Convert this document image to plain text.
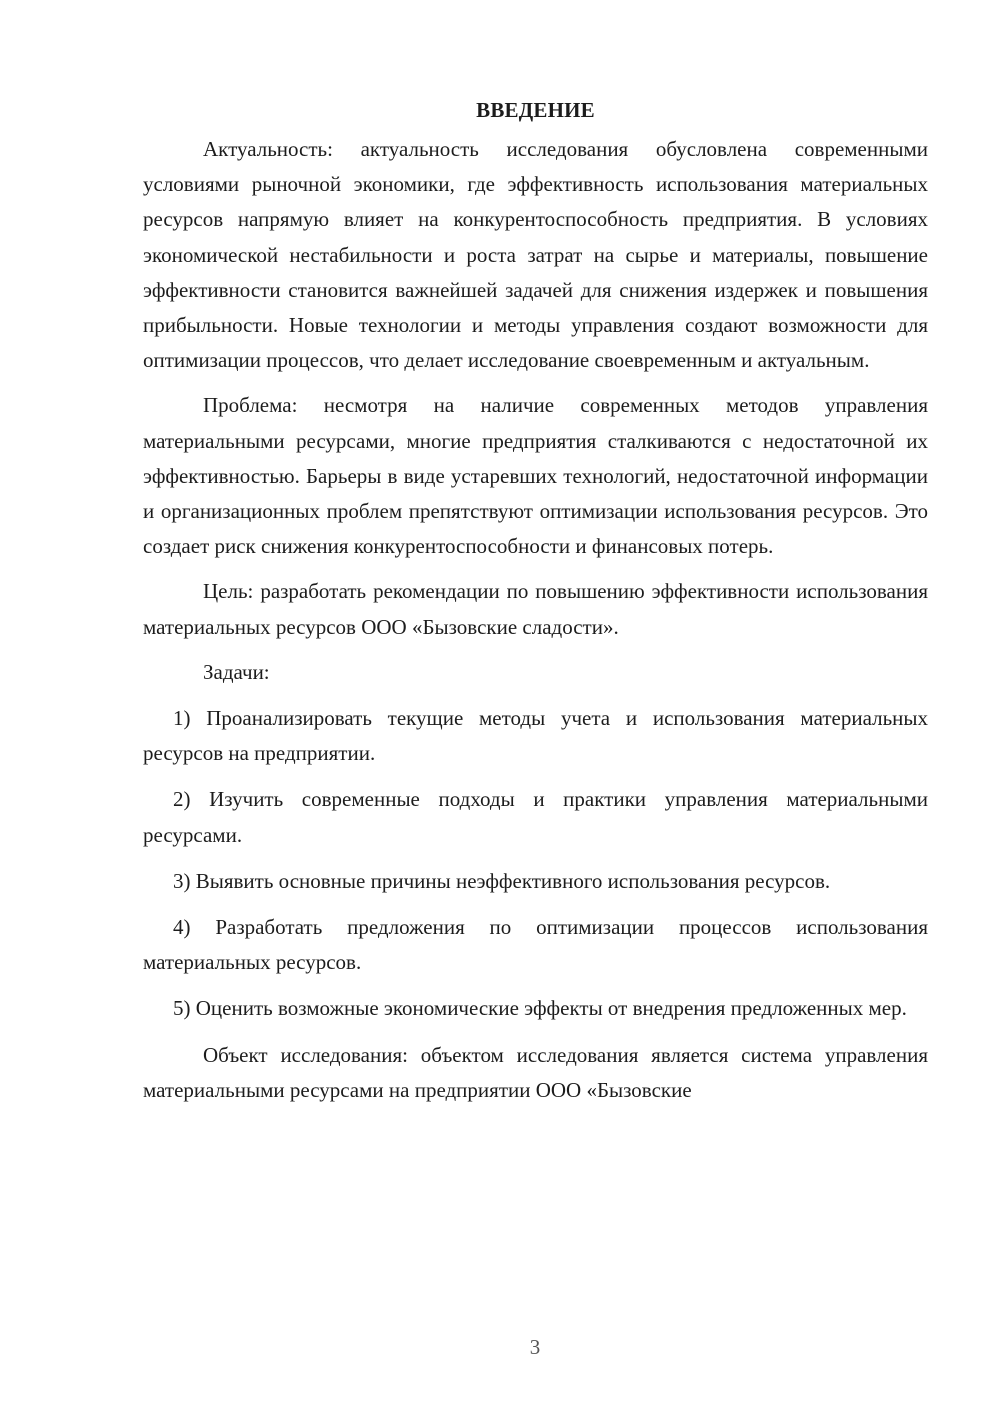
ВВЕДЕНИЕ

Актуальность: актуальность исследования обусловлена современными условиями рыночной экономики, где эффективность использования материальных ресурсов напрямую влияет на конкурентоспособность предприятия. В условиях экономической нестабильности и роста затрат на сырье и материалы, повышение эффективности становится важнейшей задачей для снижения издержек и повышения прибыльности. Новые технологии и методы управления создают возможности для оптимизации процессов, что делает исследование своевременным и актуальным.

Проблема: несмотря на наличие современных методов управления материальными ресурсами, многие предприятия сталкиваются с недостаточной их эффективностью. Барьеры в виде устаревших технологий, недостаточной информации и организационных проблем препятствуют оптимизации использования ресурсов. Это создает риск снижения конкурентоспособности и финансовых потерь.

Цель: разработать рекомендации по повышению эффективности использования материальных ресурсов ООО «Бызовские сладости».

Задачи:

1) Проанализировать текущие методы учета и использования материальных ресурсов на предприятии.

2) Изучить современные подходы и практики управления материальными ресурсами.

3) Выявить основные причины неэффективного использования ресурсов.

4) Разработать предложения по оптимизации процессов использования материальных ресурсов.

5) Оценить возможные экономические эффекты от внедрения предложенных мер.

Объект исследования: объектом исследования является система управления материальными ресурсами на предприятии ООО «Бызовские

3
